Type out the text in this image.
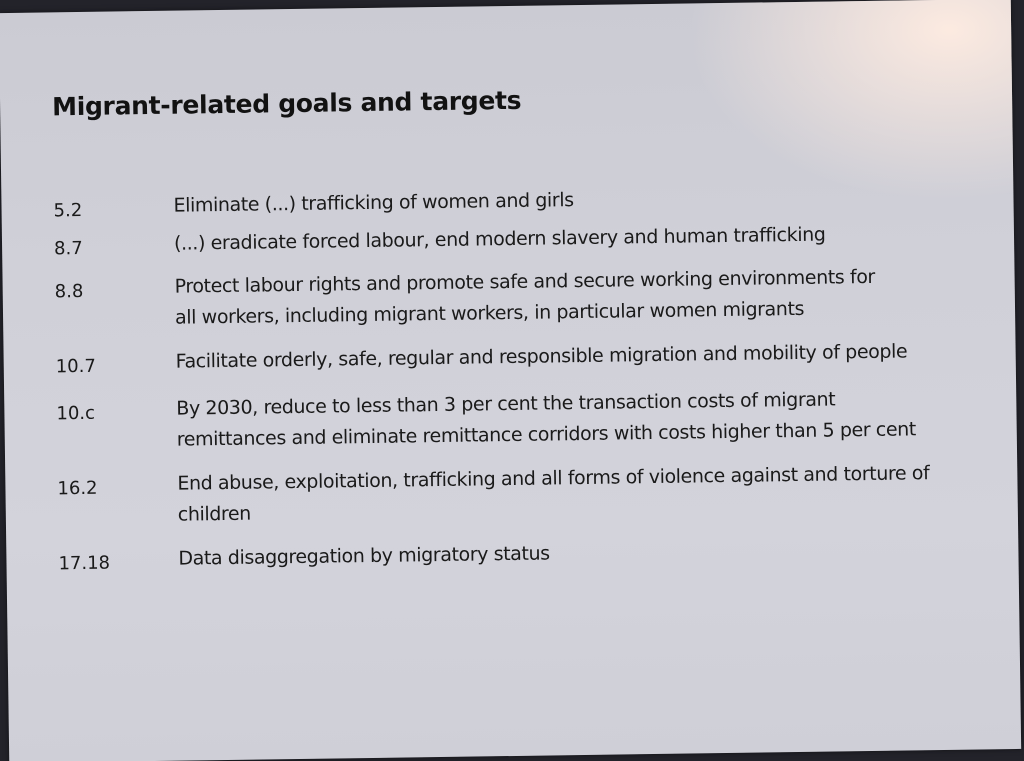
Migrant-related goals and targets
5.2	Eliminate (...) trafficking of women and girls
8.7	(...) eradicate forced labour, end modern slavery and human trafficking
8.8	Protect labour rights and promote safe and secure working environments for all workers, including migrant workers, in particular women migrants
10.7	Facilitate orderly, safe, regular and responsible migration and mobility of people
10.c	By 2030, reduce to less than 3 per cent the transaction costs of migrant remittances and eliminate remittance corridors with costs higher than 5 per cent
16.2	End abuse, exploitation, trafficking and all forms of violence against and torture of children
17.18	Data disaggregation by migratory status
